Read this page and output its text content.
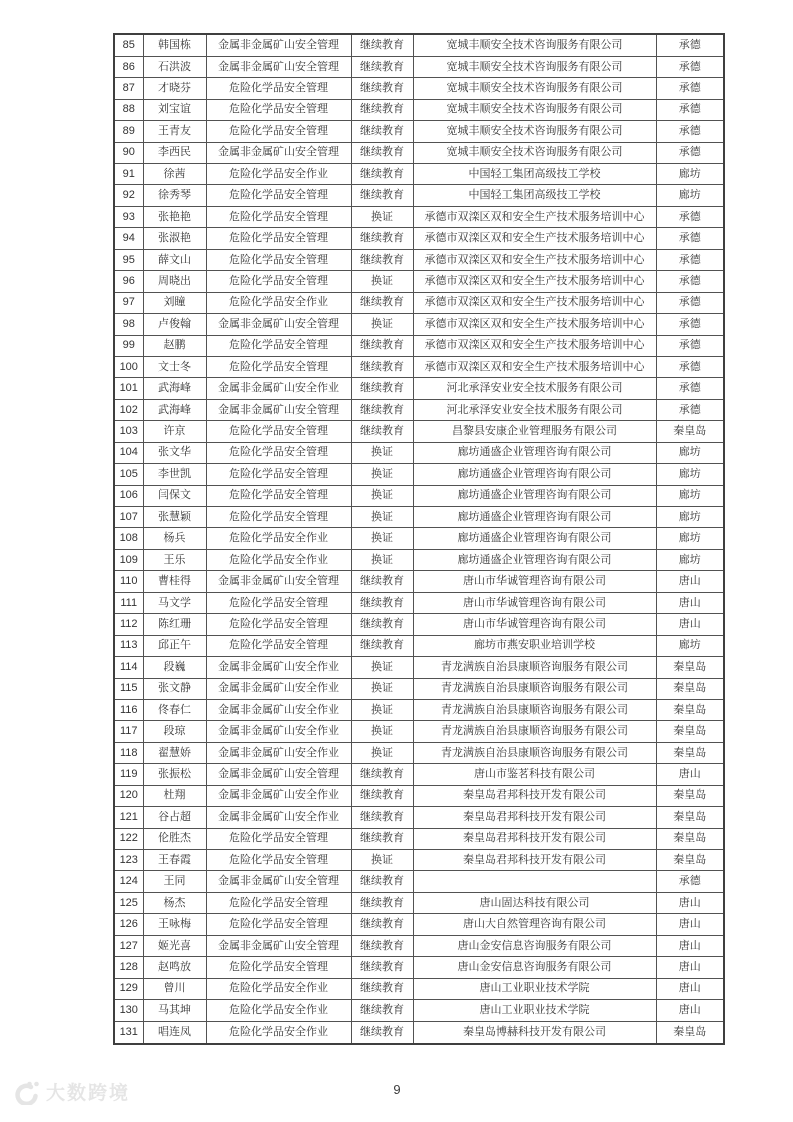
85	韩国栋	金属非金属矿山安全管理	继续教育	宽城丰顺安全技术咨询服务有限公司	承德
86	石洪波	金属非金属矿山安全管理	继续教育	宽城丰顺安全技术咨询服务有限公司	承德
87	才晓芬	危险化学品安全管理	继续教育	宽城丰顺安全技术咨询服务有限公司	承德
88	刘宝谊	危险化学品安全管理	继续教育	宽城丰顺安全技术咨询服务有限公司	承德
89	王青友	危险化学品安全管理	继续教育	宽城丰顺安全技术咨询服务有限公司	承德
90	李西民	金属非金属矿山安全管理	继续教育	宽城丰顺安全技术咨询服务有限公司	承德
91	徐茜	危险化学品安全作业	继续教育	中国轻工集团高级技工学校	廊坊
92	徐秀琴	危险化学品安全管理	继续教育	中国轻工集团高级技工学校	廊坊
93	张艳艳	危险化学品安全管理	换证	承德市双滦区双和安全生产技术服务培训中心	承德
94	张淑艳	危险化学品安全管理	继续教育	承德市双滦区双和安全生产技术服务培训中心	承德
95	薛文山	危险化学品安全管理	继续教育	承德市双滦区双和安全生产技术服务培训中心	承德
96	周晓出	危险化学品安全管理	换证	承德市双滦区双和安全生产技术服务培训中心	承德
97	刘瞳	危险化学品安全作业	继续教育	承德市双滦区双和安全生产技术服务培训中心	承德
98	卢俊翰	金属非金属矿山安全管理	换证	承德市双滦区双和安全生产技术服务培训中心	承德
99	赵鹏	危险化学品安全管理	继续教育	承德市双滦区双和安全生产技术服务培训中心	承德
100	文士冬	危险化学品安全管理	继续教育	承德市双滦区双和安全生产技术服务培训中心	承德
101	武海峰	金属非金属矿山安全作业	继续教育	河北承泽安业安全技术服务有限公司	承德
102	武海峰	金属非金属矿山安全管理	继续教育	河北承泽安业安全技术服务有限公司	承德
103	许京	危险化学品安全管理	继续教育	昌黎县安康企业管理服务有限公司	秦皇岛
104	张文华	危险化学品安全管理	换证	廊坊通盛企业管理咨询有限公司	廊坊
105	李世凯	危险化学品安全管理	换证	廊坊通盛企业管理咨询有限公司	廊坊
106	闫保文	危险化学品安全管理	换证	廊坊通盛企业管理咨询有限公司	廊坊
107	张慧颖	危险化学品安全管理	换证	廊坊通盛企业管理咨询有限公司	廊坊
108	杨兵	危险化学品安全作业	换证	廊坊通盛企业管理咨询有限公司	廊坊
109	王乐	危险化学品安全作业	换证	廊坊通盛企业管理咨询有限公司	廊坊
110	曹桂得	金属非金属矿山安全管理	继续教育	唐山市华诚管理咨询有限公司	唐山
111	马文学	危险化学品安全管理	继续教育	唐山市华诚管理咨询有限公司	唐山
112	陈红珊	危险化学品安全管理	继续教育	唐山市华诚管理咨询有限公司	唐山
113	邱正午	危险化学品安全管理	继续教育	廊坊市燕安职业培训学校	廊坊
114	段巍	金属非金属矿山安全作业	换证	青龙满族自治县康顺咨询服务有限公司	秦皇岛
115	张文静	金属非金属矿山安全作业	换证	青龙满族自治县康顺咨询服务有限公司	秦皇岛
116	佟春仁	金属非金属矿山安全作业	换证	青龙满族自治县康顺咨询服务有限公司	秦皇岛
117	段琼	金属非金属矿山安全作业	换证	青龙满族自治县康顺咨询服务有限公司	秦皇岛
118	翟慧娇	金属非金属矿山安全作业	换证	青龙满族自治县康顺咨询服务有限公司	秦皇岛
119	张振松	金属非金属矿山安全管理	继续教育	唐山市鉴茗科技有限公司	唐山
120	杜翔	金属非金属矿山安全作业	继续教育	秦皇岛君邦科技开发有限公司	秦皇岛
121	谷占超	金属非金属矿山安全作业	继续教育	秦皇岛君邦科技开发有限公司	秦皇岛
122	伦胜杰	危险化学品安全管理	继续教育	秦皇岛君邦科技开发有限公司	秦皇岛
123	王春霞	危险化学品安全管理	换证	秦皇岛君邦科技开发有限公司	秦皇岛
124	王同	金属非金属矿山安全管理	继续教育		承德
125	杨杰	危险化学品安全管理	继续教育	唐山固达科技有限公司	唐山
126	王咏梅	危险化学品安全管理	继续教育	唐山大自然管理咨询有限公司	唐山
127	姬光喜	金属非金属矿山安全管理	继续教育	唐山金安信息咨询服务有限公司	唐山
128	赵鸣放	危险化学品安全管理	继续教育	唐山金安信息咨询服务有限公司	唐山
129	曾川	危险化学品安全作业	继续教育	唐山工业职业技术学院	唐山
130	马其坤	危险化学品安全作业	继续教育	唐山工业职业技术学院	唐山
131	唱连凤	危险化学品安全作业	继续教育	秦皇岛博赫科技开发有限公司	秦皇岛
9
大数跨境
